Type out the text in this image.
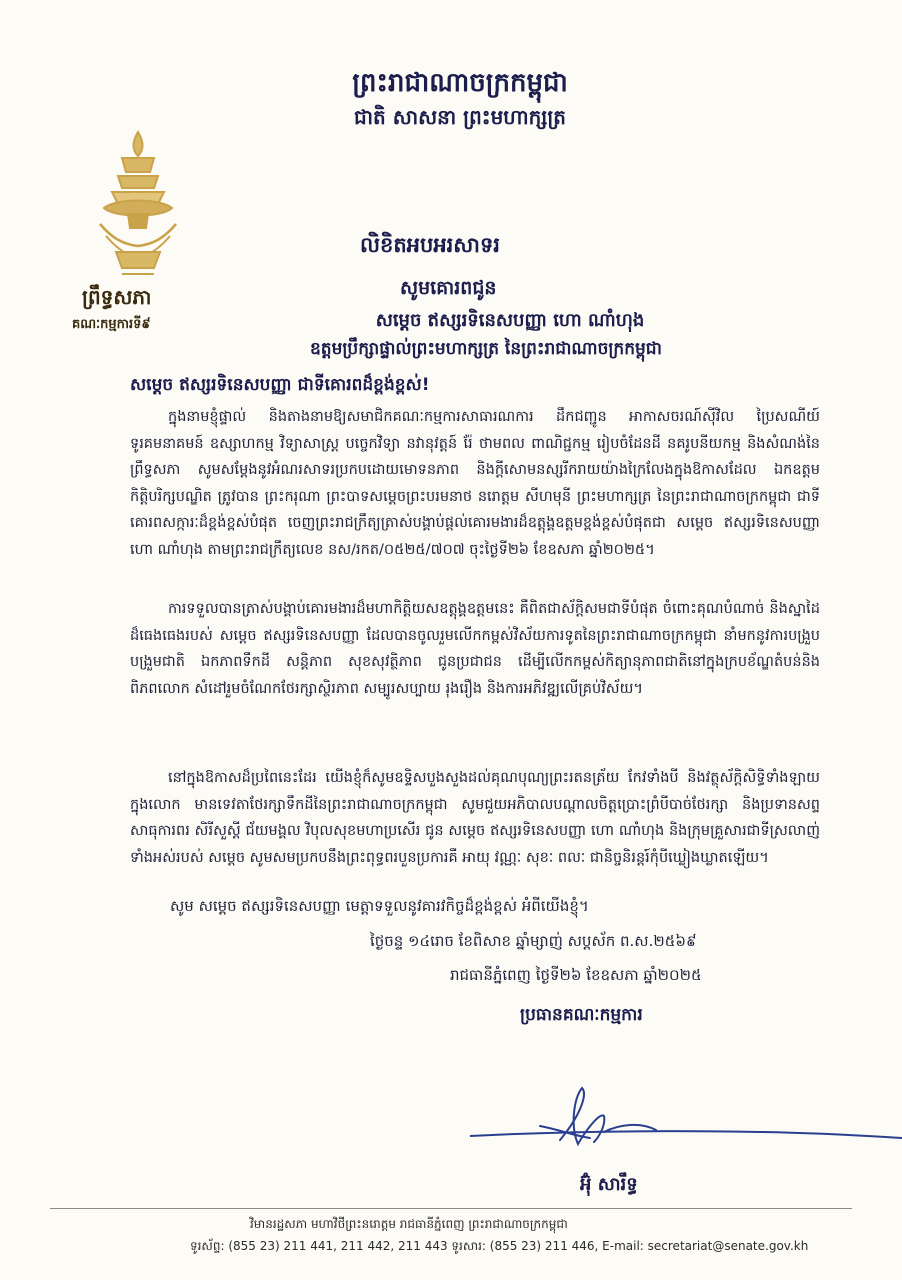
ព្រះរាជាណាចក្រកម្ពុជា
ជាតិ សាសនា ព្រះមហាក្សត្រ
ព្រឹទ្ធសភា
គណៈកម្មការទី៩
លិខិតអបអរសាទរ
សូមគោរពជូន
សម្តេច ឥស្សរទិនេសបញ្ញា ហោ ណាំហុង
ឧត្តមប្រឹក្សាផ្ទាល់ព្រះមហាក្សត្រ នៃព្រះរាជាណាចក្រកម្ពុជា
សម្តេច ឥស្សរទិនេសបញ្ញា ជាទីគោរពដ៏ខ្ពង់ខ្ពស់!

ក្នុងនាមខ្ញុំផ្ទាល់ និងតាងនាមឱ្យសមាជិកគណៈកម្មការសាធារណការ ដឹកជញ្ជូន អាកាសចរណ៍ស៊ីវិល ប្រៃសណីយ៍ ទូរគមនាគមន៍ ឧស្សាហកម្ម វិទ្យាសាស្ត្រ បច្ចេកវិទ្យា នវានុវត្តន៍ រ៉ែ ថាមពល ពាណិជ្ជកម្ម រៀបចំដែនដី នគរូបនីយកម្ម និងសំណង់នៃព្រឹទ្ធសភា សូមសម្តែងនូវអំណរសាទរប្រកបដោយមោទនភាព និងក្តីសោមនស្សរីករាយយ៉ាងក្រៃលែងក្នុងឱកាសដែល ឯកឧត្តមកិត្តិបរិក្សបណ្ឌិត ត្រូវបាន ព្រះករុណា ព្រះបាទសម្តេចព្រះបរមនាថ នរោត្តម សីហមុនី ព្រះមហាក្សត្រ នៃព្រះរាជាណាចក្រកម្ពុជា ជាទីគោរពសក្ការៈដ៏ខ្ពង់ខ្ពស់បំផុត ចេញព្រះរាជក្រឹត្យត្រាស់បង្គាប់ផ្តល់គោរមងារដ៏ឧត្តុង្គឧត្តមខ្ពង់ខ្ពស់បំផុតជា សម្តេច ឥស្សរទិនេសបញ្ញា ហោ ណាំហុង តាមព្រះរាជក្រឹត្យលេខ នស/រកត/០៥២៥/៧០៧ ចុះថ្ងៃទី២៦ ខែឧសភា ឆ្នាំ២០២៥។

ការទទួលបានត្រាស់បង្គាប់គោរមងារដ៏មហាកិត្តិយសឧត្តុង្គឧត្តមនេះ គឺពិតជាស័ក្តិសមជាទីបំផុត ចំពោះគុណបំណាច់ និងស្នាដៃដ៏ធេងធេងរបស់ សម្តេច ឥស្សរទិនេសបញ្ញា ដែលបានចូលរួមលើកកម្ពស់វិស័យការទូតនៃព្រះរាជាណាចក្រកម្ពុជា នាំមកនូវការបង្រួបបង្រួមជាតិ ឯកភាពទឹកដី សន្តិភាព សុខសុវត្ថិភាព ជូនប្រជាជន ដើម្បីលើកកម្ពស់កិត្យានុភាពជាតិនៅក្នុងក្របខ័ណ្ឌតំបន់និងពិភពលោក សំដៅរួមចំណែកថែរក្សាស្ថិរភាព សម្បូរសប្បាយ រុងរឿង និងការអភិវឌ្ឍលើគ្រប់វិស័យ។

នៅក្នុងឱកាសដ៏ប្រពៃនេះដែរ យើងខ្ញុំក៏សូមឧទ្ទិសបួងសួងដល់គុណបុណ្យព្រះរតនត្រ័យ កែវទាំងបី និងវត្ថុស័ក្តិសិទ្ធិទាំងឡាយក្នុងលោក មានទេវតាថែរក្សាទឹកដីនៃព្រះរាជាណាចក្រកម្ពុជា សូមជួយអភិបាលបណ្តាលចិត្តប្រោះព្រំបីបាច់ថែរក្សា និងប្រទានសព្ទសាធុការពរ សិរីសួស្តី ជ័យមង្គល វិបុលសុខមហាប្រសើរ ជូន សម្តេច ឥស្សរទិនេសបញ្ញា ហោ ណាំហុង និងក្រុមគ្រួសារជាទីស្រលាញ់ទាំងអស់របស់ សម្តេច សូមសមប្រកបនឹងព្រះពុទ្ធពរបួនប្រការគឺ អាយុ វណ្ណៈ សុខៈ ពលៈ ជានិច្ចនិរន្តរ៍កុំបីឃ្លៀងឃ្លាតឡើយ។

សូម សម្តេច ឥស្សរទិនេសបញ្ញា មេត្តាទទួលនូវគារវកិច្ចដ៏ខ្ពង់ខ្ពស់ អំពីយើងខ្ញុំ។
ថ្ងៃចន្ទ ១៤រោច ខែពិសាខ ឆ្នាំម្សាញ់ សប្តស័ក ព.ស.២៥៦៩
រាជធានីភ្នំពេញ ថ្ងៃទី២៦ ខែឧសភា ឆ្នាំ២០២៥
ប្រធានគណៈកម្មការ
អ៊ុំ សារឹទ្ធ
វិមានរដ្ឋសភា មហាវិថីព្រះនរោត្តម រាជធានីភ្នំពេញ ព្រះរាជាណាចក្រកម្ពុជា
ទូរស័ព្ទ: (855 23) 211 441, 211 442, 211 443 ទូរសារ: (855 23) 211 446, E-mail: secretariat@senate.gov.kh
